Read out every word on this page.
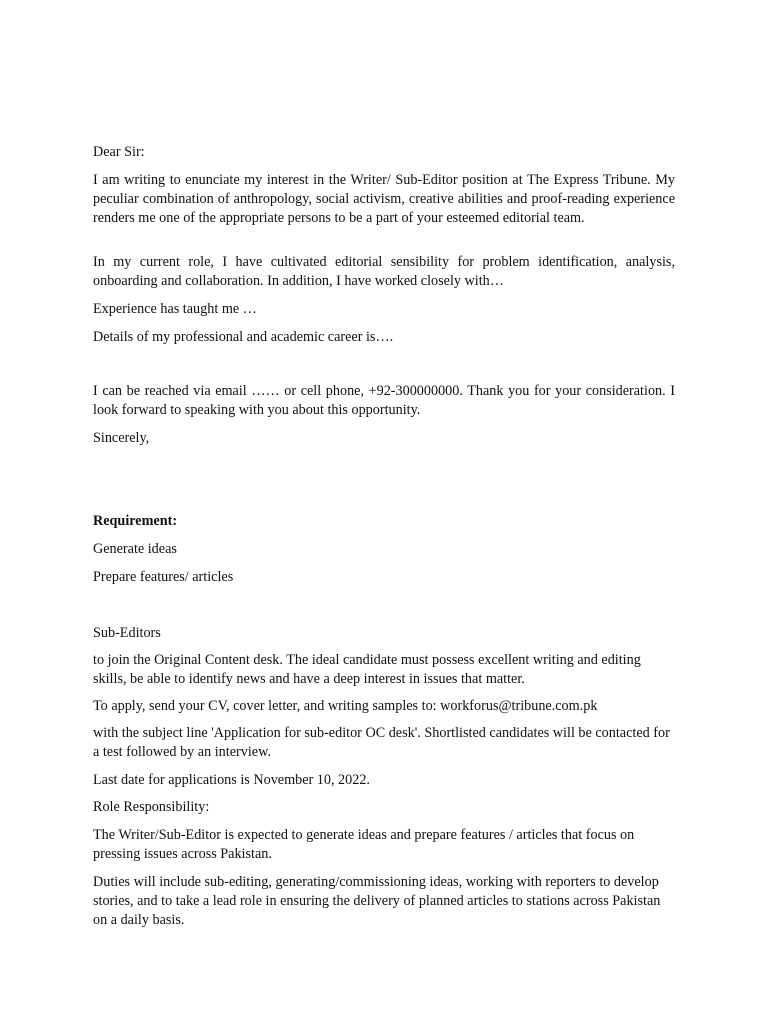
Dear Sir:

I am writing to enunciate my interest in the Writer/ Sub-Editor position at The Express Tribune. My peculiar combination of anthropology, social activism, creative abilities and proof-reading experience renders me one of the appropriate persons to be a part of your esteemed editorial team.

In my current role, I have cultivated editorial sensibility for problem identification, analysis, onboarding and collaboration. In addition, I have worked closely with…

Experience has taught me …

Details of my professional and academic career is….

I can be reached via email …… or cell phone, +92-300000000. Thank you for your consideration. I look forward to speaking with you about this opportunity.

Sincerely,

Requirement:

Generate ideas

Prepare features/ articles

Sub-Editors

to join the Original Content desk. The ideal candidate must possess excellent writing and editing skills, be able to identify news and have a deep interest in issues that matter.

To apply, send your CV, cover letter, and writing samples to: workforus@tribune.com.pk

with the subject line 'Application for sub-editor OC desk'. Shortlisted candidates will be contacted for a test followed by an interview.

Last date for applications is November 10, 2022.

Role Responsibility:

The Writer/Sub-Editor is expected to generate ideas and prepare features / articles that focus on pressing issues across Pakistan.

Duties will include sub-editing, generating/commissioning ideas, working with reporters to develop stories, and to take a lead role in ensuring the delivery of planned articles to stations across Pakistan on a daily basis.
